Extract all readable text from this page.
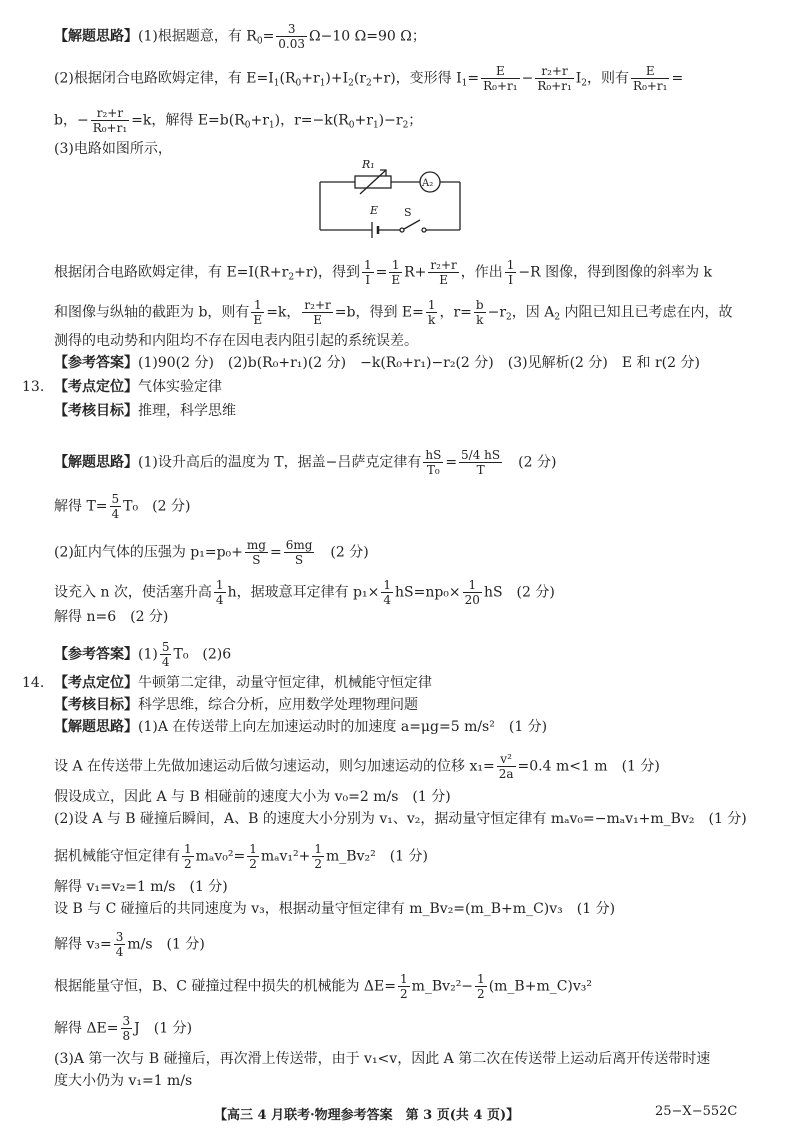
【解题思路】(1)根据题意，有 $R_0= \frac{3}{0.03} \Omega-10$ Ω=90 Ω；
(2)根据闭合电路欧姆定律，有 $E=I_1(R_0+r_1)+I_2(r_2+r)$，变形得 $I_1= \frac{E}{\text{R₀+r₁}} - \frac{\text{r₂+r}}{\text{R₀+r₁}} I_2$，则有 $\frac{E}{\text{R₀+r₁}}$ =
b，− $\frac{\text{r₂+r}}{\text{R₀+r₁}} =k$，解得 $E=b(R_0+r_1)$，$r=-k(R_0+r_1)-r_2$；
(3)电路如图所示，
R₁
A₂
E S
根据闭合电路欧姆定律，有 $E=I(R+r_2+r)$，得到 $\frac{1}{I} = \frac{1}{E} R+ \frac{\text{r₂+r}}{E}$ ，作出 $\frac{1}{I} -R$ 图像，得到图像的斜率为 k
和图像与纵轴的截距为 b，则有 $\frac{1}{E} =k$， $\frac{\text{r₂+r}}{E} =b$，得到 $E= \frac{1}{k}$ ，$r= \frac{b}{k} -r_2$，因 $A_2$ 内阻已知且已考虑在内，故
测得的电动势和内阻均不存在因电表内阻引起的系统误差。
【参考答案】(1)90(2 分)　(2)b(R₀+r₁)(2 分)　−k(R₀+r₁)−r₂(2 分)　(3)见解析(2 分)　E 和 r(2 分)
13. 【考点定位】气体实验定律
【考核目标】推理，科学思维
【解题思路】(1)设升高后的温度为 T，据盖−吕萨克定律有 $\frac{hS}{\text{T₀}} = \frac{5/4 hS}{T}$
　 (2 分)
解得 $T= \frac{5}{4} T_0$　(2 分)
(2)缸内气体的压强为 $p_1=p_0+ \frac{mg}{S} = \frac{6mg}{S}$
　 (2 分)
设充入 n 次，使活塞升高 $\frac{1}{4}$ h，据玻意耳定律有 $p_1\times \frac{1}{4} hS=np_0\times \frac{1}{20}$ hS　(2 分)
解得 n=6　(2 分)
【参考答案】$(1) \frac{5}{4} T_0$　(2)6
14. 【考点定位】牛顿第二定律，动量守恒定律，机械能守恒定律
【考核目标】科学思维，综合分析，应用数学处理物理问题
【解题思路】(1)A 在传送带上向左加速运动时的加速度 a=μg=5 m/s²　(1 分)
设 A 在传送带上先做加速运动后做匀速运动，则匀加速运动的位移 $x_1= \frac{\text{v²}}{2a} =0.4$ m<1 m　(1 分)
假设成立，因此 A 与 B 相碰前的速度大小为 v₀=2 m/s　(1 分)
(2)设 A 与 B 碰撞后瞬间，A、B 的速度大小分别为 v₁、v₂，据动量守恒定律有 mₐv₀=−mₐv₁+m_Bv₂　(1 分)
据机械能守恒定律有 $\frac{1}{2} m_av_0^2= \frac{1}{2} m_av_1^2+ \frac{1}{2}$ m_Bv₂²　(1 分)
解得 v₁=v₂=1 m/s　(1 分)
设 B 与 C 碰撞后的共同速度为 v₃，根据动量守恒定律有 m_Bv₂=(m_B+m_C)v₃　(1 分)
解得 $v_3= \frac{3}{4} m/s$　(1 分)
根据能量守恒，B、C 碰撞过程中损失的机械能为 $\Delta E= \frac{1}{2}$ m_Bv₂²− $\frac{1}{2}$ (m_B+m_C)v₃²
解得 $\Delta E= \frac{3}{8}$ J　(1 分)
(3)A 第一次与 B 碰撞后，再次滑上传送带，由于 v₁<v，因此 A 第二次在传送带上运动后离开传送带时速
度大小仍为 v₁=1 m/s
【高三 4 月联考·物理参考答案　第 3 页(共 4 页)】	25−X−552C
